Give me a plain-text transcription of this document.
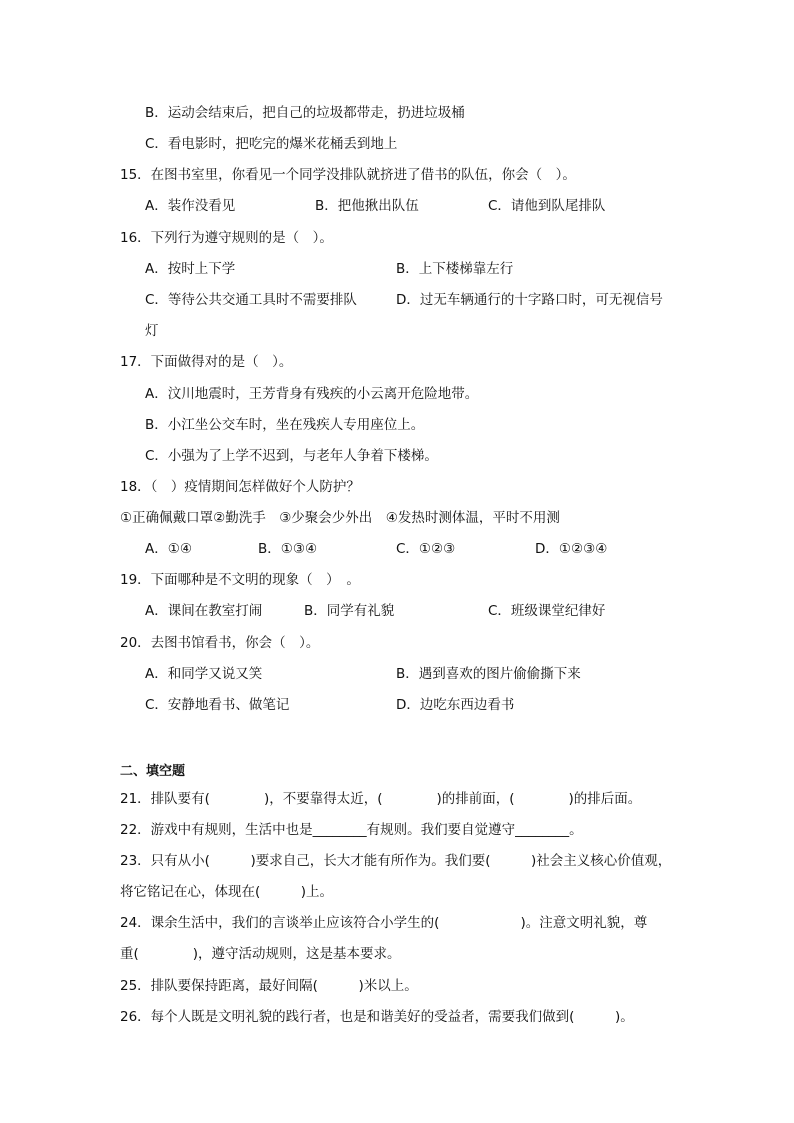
B．运动会结束后，把自己的垃圾都带走，扔进垃圾桶
C．看电影时，把吃完的爆米花桶丢到地上
15．在图书室里，你看见一个同学没排队就挤进了借书的队伍，你会（　）。
A．装作没看见	B．把他揪出队伍	C．请他到队尾排队
16．下列行为遵守规则的是（　）。
A．按时上下学	B．上下楼梯靠左行
C．等待公共交通工具时不需要排队	D．过无车辆通行的十字路口时，可无视信号
灯
17．下面做得对的是（　）。
A．汶川地震时，王芳背身有残疾的小云离开危险地带。
B．小江坐公交车时，坐在残疾人专用座位上。
C．小强为了上学不迟到，与老年人争着下楼梯。
18．（　）疫情期间怎样做好个人防护？
①正确佩戴口罩②勤洗手　③少聚会少外出　④发热时测体温，平时不用测
A．①④	B．①③④	C．①②③	D．①②③④
19．下面哪种是不文明的现象（　）　。
A．课间在教室打闹	B．同学有礼貌	C．班级课堂纪律好
20．去图书馆看书，你会（　）。
A．和同学又说又笑	B．遇到喜欢的图片偷偷撕下来
C．安静地看书、做笔记	D．边吃东西边看书
二、填空题
21．排队要有(　　　　)，不要靠得太近，(　　　　)的排前面，(　　　　)的排后面。
22．游戏中有规则，生活中也是________有规则。我们要自觉遵守________。
23．只有从小(　　　)要求自己，长大才能有所作为。我们要(　　　)社会主义核心价值观，
将它铭记在心，体现在(　　　)上。
24．课余生活中，我们的言谈举止应该符合小学生的(　　　　　　)。注意文明礼貌，尊
重(　　　　)，遵守活动规则，这是基本要求。
25．排队要保持距离，最好间隔(　　　)米以上。
26．每个人既是文明礼貌的践行者，也是和谐美好的受益者，需要我们做到(　　　)。
